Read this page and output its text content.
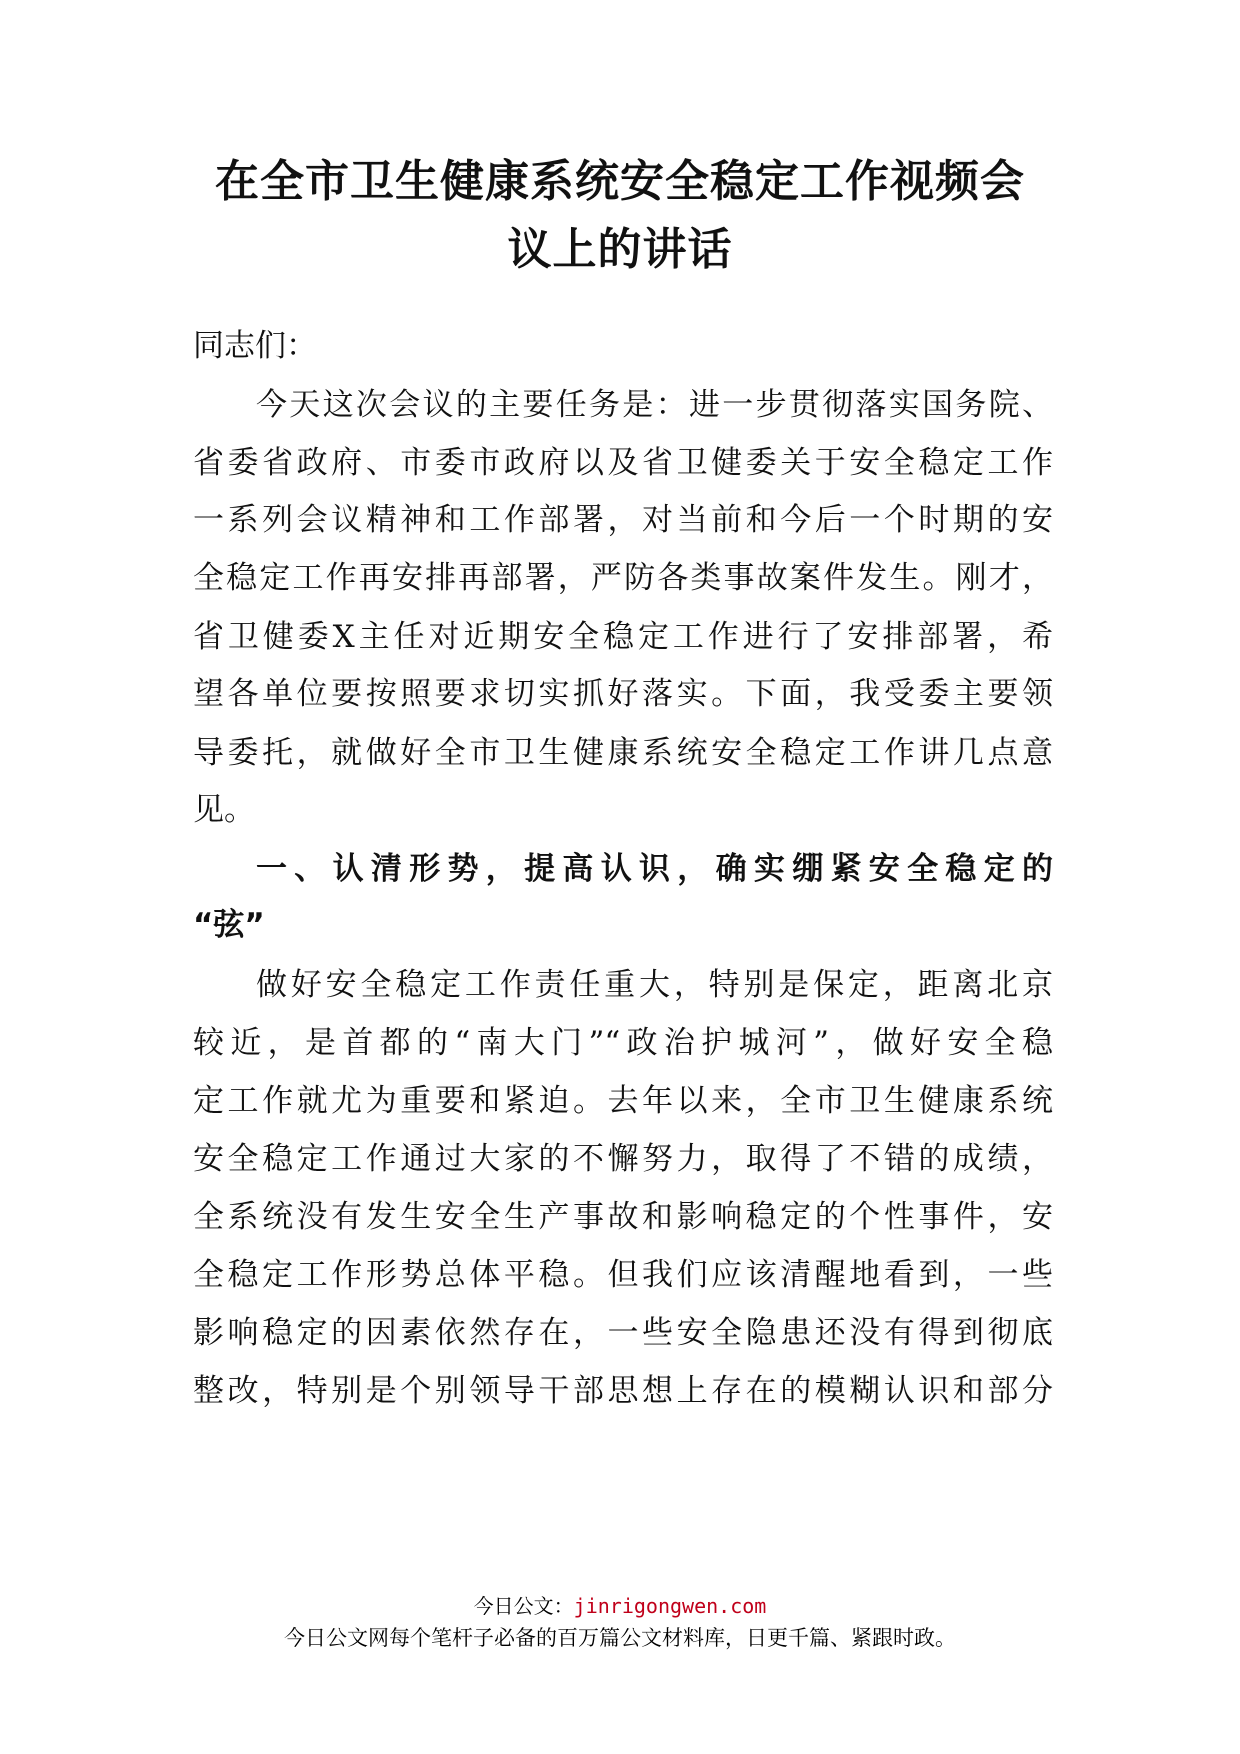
在全市卫生健康系统安全稳定工作视频会
议上的讲话
同志们：
今天这次会议的主要任务是：进一步贯彻落实国务院、
省委省政府、市委市政府以及省卫健委关于安全稳定工作
一系列会议精神和工作部署，对当前和今后一个时期的安
全稳定工作再安排再部署，严防各类事故案件发生。刚才，
省卫健委X主任对近期安全稳定工作进行了安排部署，希
望各单位要按照要求切实抓好落实。下面，我受委主要领
导委托，就做好全市卫生健康系统安全稳定工作讲几点意
见。
一、认清形势，提高认识，确实绷紧安全稳定的
“弦”
做好安全稳定工作责任重大，特别是保定，距离北京
较近，是首都的“南大门”“政治护城河”，做好安全稳
定工作就尤为重要和紧迫。去年以来，全市卫生健康系统
安全稳定工作通过大家的不懈努力，取得了不错的成绩，
全系统没有发生安全生产事故和影响稳定的个性事件，安
全稳定工作形势总体平稳。但我们应该清醒地看到，一些
影响稳定的因素依然存在，一些安全隐患还没有得到彻底
整改，特别是个别领导干部思想上存在的模糊认识和部分
今日公文：jinrigongwen.com
今日公文网每个笔杆子必备的百万篇公文材料库，日更千篇、紧跟时政。
